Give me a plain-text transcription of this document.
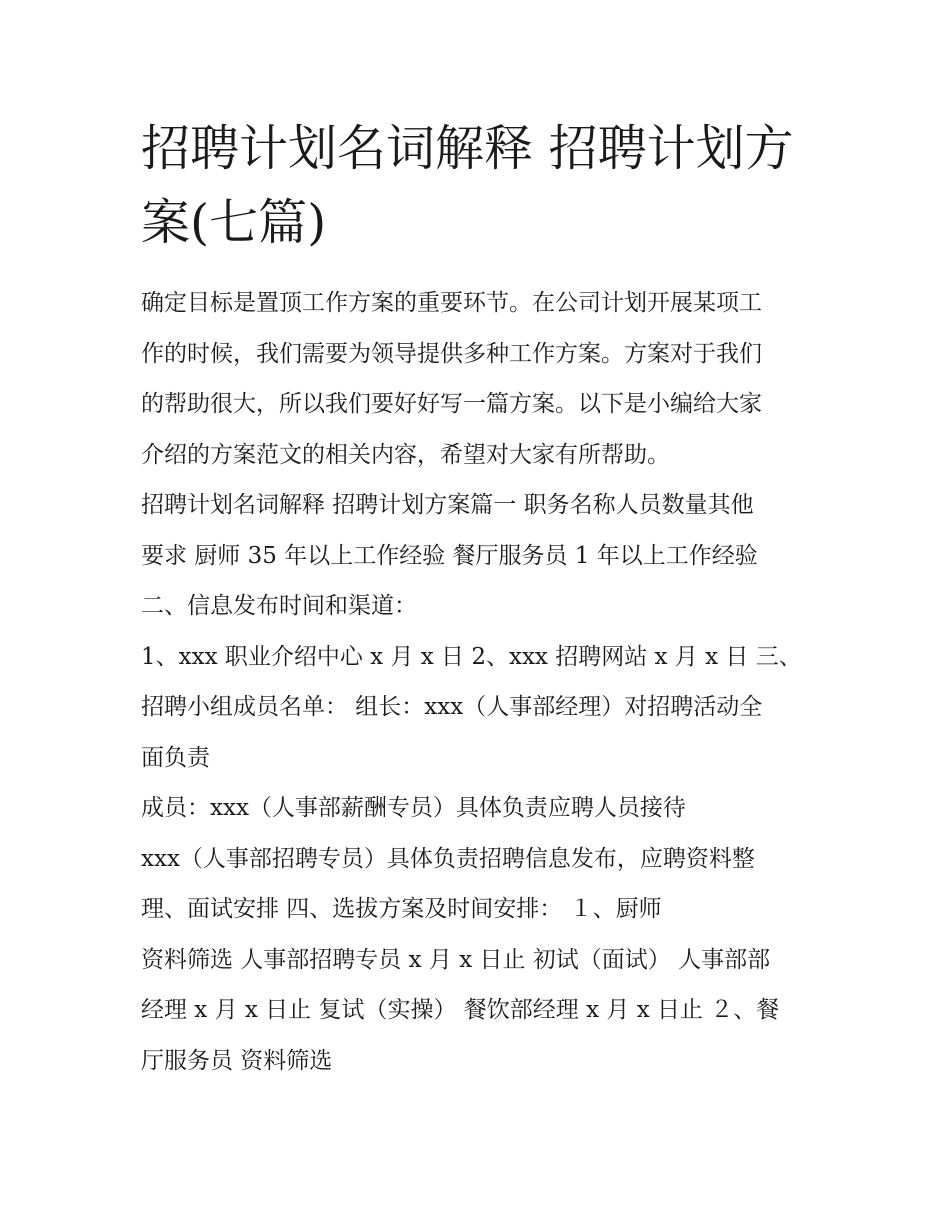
招聘计划名词解释 招聘计划方
案(七篇)

确定目标是置顶工作方案的重要环节。在公司计划开展某项工

作的时候，我们需要为领导提供多种工作方案。方案对于我们

的帮助很大，所以我们要好好写一篇方案。以下是小编给大家

介绍的方案范文的相关内容，希望对大家有所帮助。

招聘计划名词解释 招聘计划方案篇一 职务名称人员数量其他

要求 厨师 35 年以上工作经验 餐厅服务员 1 年以上工作经验

二、信息发布时间和渠道：

1、xxx 职业介绍中心 x 月 x 日 2、xxx 招聘网站 x 月 x 日 三、

招聘小组成员名单： 组长：xxx（人事部经理）对招聘活动全

面负责

成员：xxx（人事部薪酬专员）具体负责应聘人员接待

xxx（人事部招聘专员）具体负责招聘信息发布，应聘资料整

理、面试安排 四、选拔方案及时间安排： １、厨师

资料筛选 人事部招聘专员 x 月 x 日止 初试（面试） 人事部部

经理 x 月 x 日止 复试（实操） 餐饮部经理 x 月 x 日止 ２、餐

厅服务员 资料筛选
